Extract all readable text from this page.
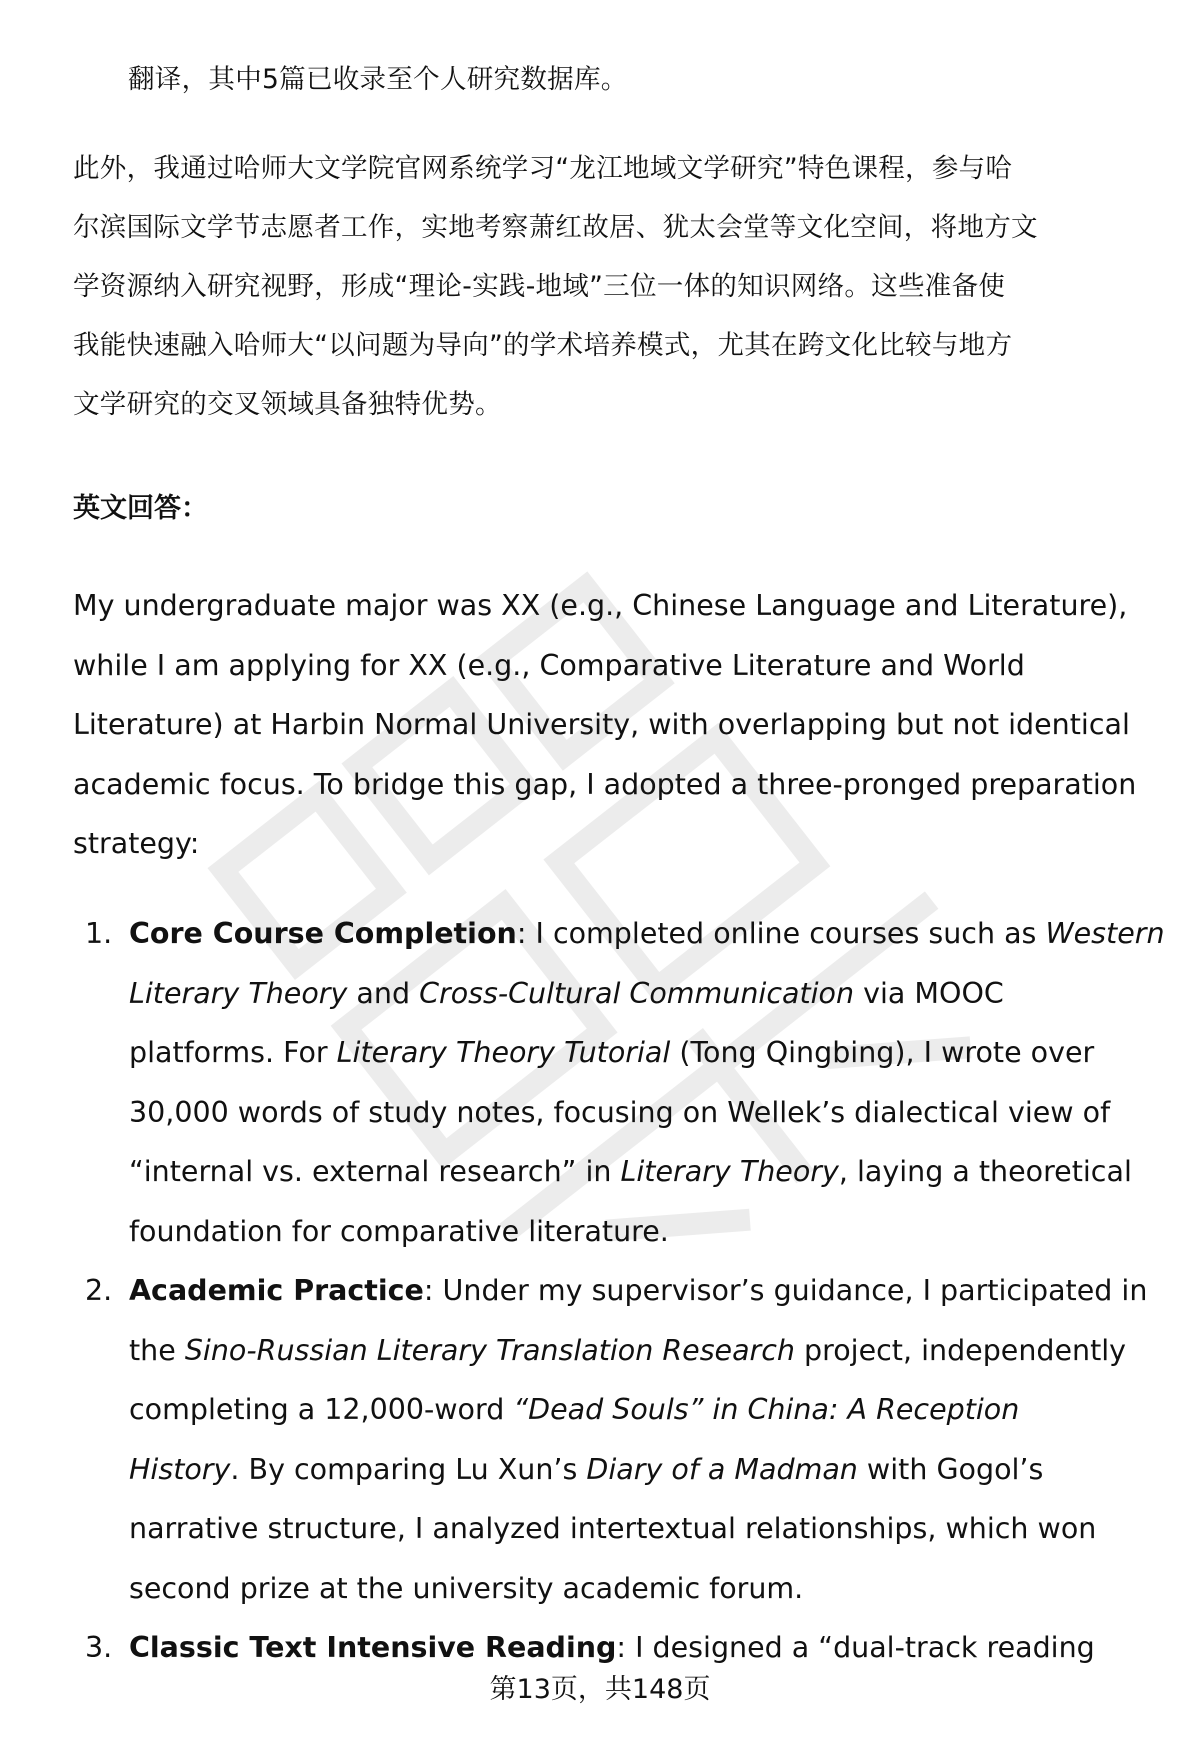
翻译，其中5篇已收录至个人研究数据库。

此外，我通过哈师大文学院官网系统学习“龙江地域文学研究”特色课程，参与哈
尔滨国际文学节志愿者工作，实地考察萧红故居、犹太会堂等文化空间，将地方文
学资源纳入研究视野，形成“理论-实践-地域”三位一体的知识网络。这些准备使
我能快速融入哈师大“以问题为导向”的学术培养模式，尤其在跨文化比较与地方
文学研究的交叉领域具备独特优势。

英文回答：

My undergraduate major was XX (e.g., Chinese Language and Literature),
while I am applying for XX (e.g., Comparative Literature and World
Literature) at Harbin Normal University, with overlapping but not identical
academic focus. To bridge this gap, I adopted a three-pronged preparation
strategy:

1. Core Course Completion: I completed online courses such as Western
Literary Theory and Cross-Cultural Communication via MOOC
platforms. For Literary Theory Tutorial (Tong Qingbing), I wrote over
30,000 words of study notes, focusing on Wellek’s dialectical view of
“internal vs. external research” in Literary Theory, laying a theoretical
foundation for comparative literature.
2. Academic Practice: Under my supervisor’s guidance, I participated in
the Sino-Russian Literary Translation Research project, independently
completing a 12,000-word “Dead Souls” in China: A Reception
History. By comparing Lu Xun’s Diary of a Madman with Gogol’s
narrative structure, I analyzed intertextual relationships, which won
second prize at the university academic forum.
3. Classic Text Intensive Reading: I designed a “dual-track reading
第13页，共148页
